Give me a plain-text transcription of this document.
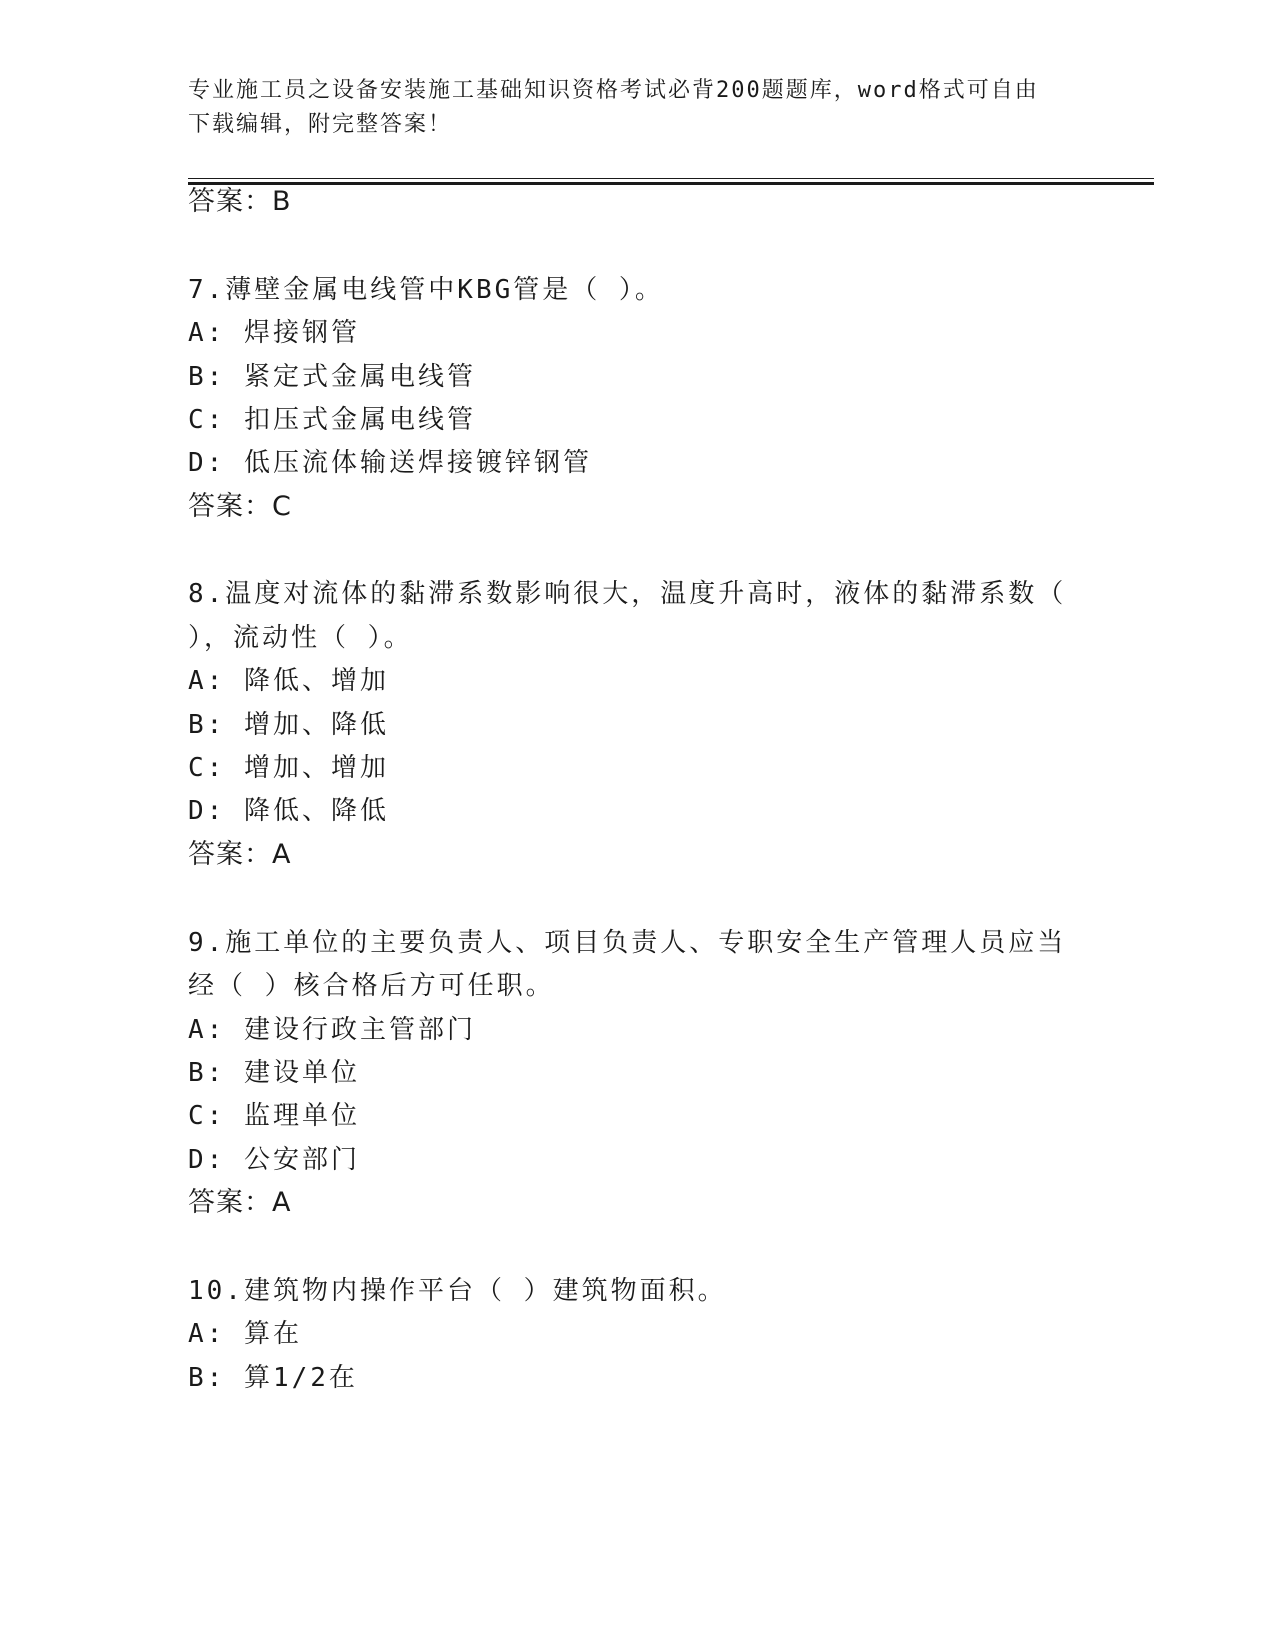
专业施工员之设备安装施工基础知识资格考试必背200题题库，word格式可自由
下载编辑，附完整答案！
答案：B
7.薄壁金属电线管中KBG管是（ ）。
A: 焊接钢管
B: 紧定式金属电线管
C: 扣压式金属电线管
D: 低压流体输送焊接镀锌钢管
答案：C
8.温度对流体的黏滞系数影响很大，温度升高时，液体的黏滞系数（
），流动性（ ）。
A: 降低、增加
B: 增加、降低
C: 增加、增加
D: 降低、降低
答案：A
9.施工单位的主要负责人、项目负责人、专职安全生产管理人员应当
经（ ）核合格后方可任职。
A: 建设行政主管部门
B: 建设单位
C: 监理单位
D: 公安部门
答案：A
10.建筑物内操作平台（ ）建筑物面积。
A: 算在
B: 算1/2在
